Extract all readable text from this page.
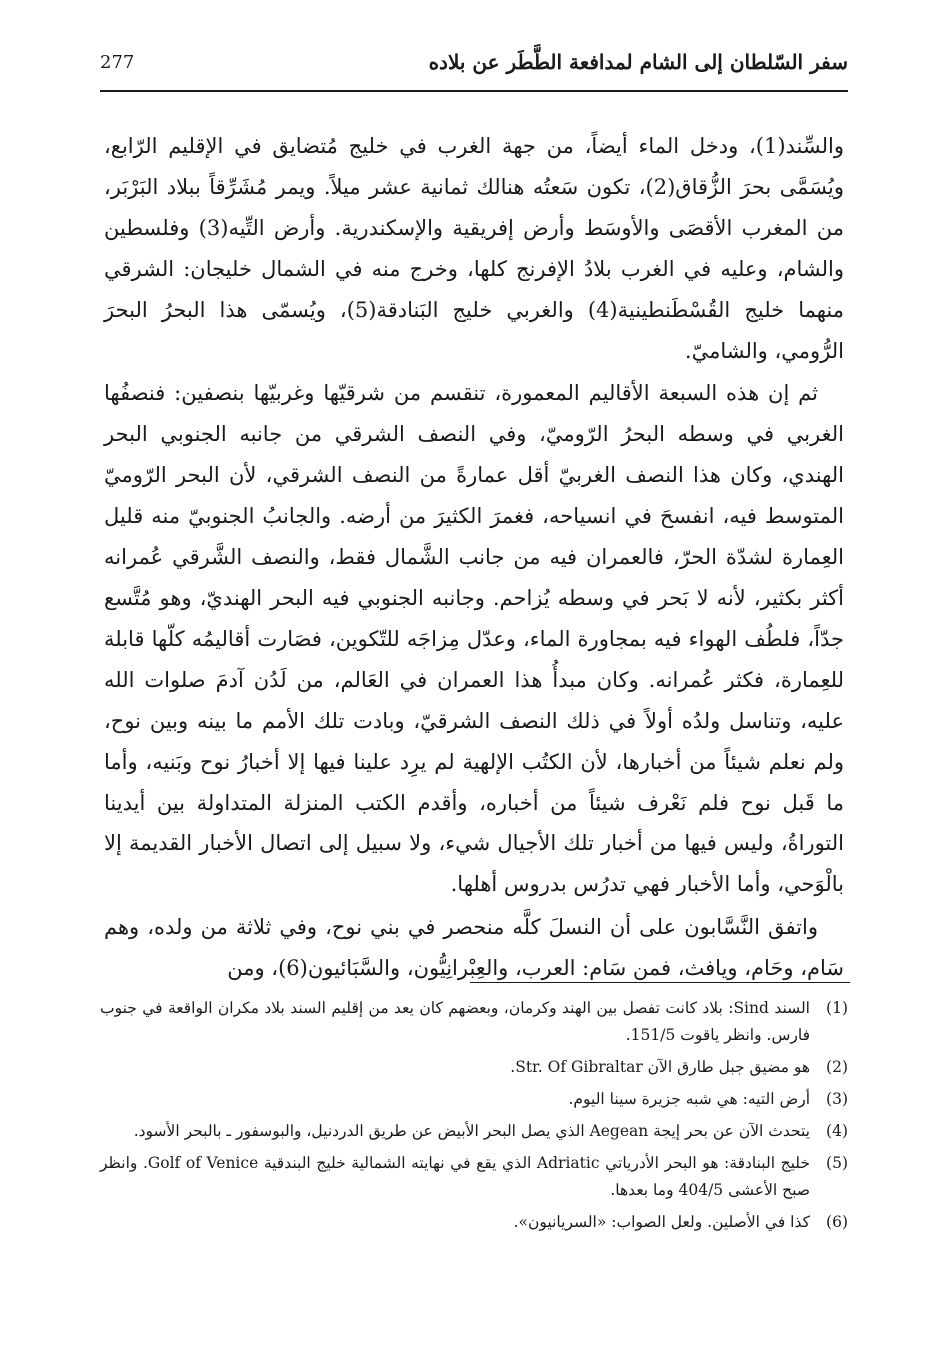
سفر السّلطان إلى الشام لمدافعة الطَّطَر عن بلاده
277

والسِّند(1)، ودخل الماء أيضاً، من جهة الغرب في خليج مُتضايق في الإقليم الرّابع، ويُسَمَّى بحرَ الزُّقاق(2)، تكون سَعتُه هنالك ثمانية عشر ميلاً. ويمر مُشَرِّقاً ببلاد البَرْبَر، من المغرب الأقصَى والأوسَط وأرض إفريقية والإسكندرية. وأرض التِّيه(3) وفلسطين والشام، وعليه في الغرب بلادُ الإفرنج كلها، وخرج منه في الشمال خليجان: الشرقي منهما خليج القُسْطَنطينية(4) والغربي خليج البَنادقة(5)، ويُسمّى هذا البحرُ البحرَ الرُّومي، والشاميّ.

ثم إن هذه السبعة الأقاليم المعمورة، تنقسم من شرقيّها وغربيّها بنصفين: فنصفُها الغربي في وسطه البحرُ الرّوميّ، وفي النصف الشرقي من جانبه الجنوبي البحر الهندي، وكان هذا النصف الغربيّ أقل عمارةً من النصف الشرقي، لأن البحر الرّوميّ المتوسط فيه، انفسحَ في انسياحه، فغمرَ الكثيرَ من أرضه. والجانبُ الجنوبيّ منه قليل العِمارة لشدّة الحرّ، فالعمران فيه من جانب الشَّمال فقط، والنصف الشَّرقي عُمرانه أكثر بكثير، لأنه لا بَحر في وسطه يُزاحم. وجانبه الجنوبي فيه البحر الهنديّ، وهو مُتَّسع جدّاً، فلطُف الهواء فيه بمجاورة الماء، وعدّل مِزاجَه للتّكوين، فصَارت أقاليمُه كلّها قابلة للعِمارة، فكثر عُمرانه. وكان مبدأُ هذا العمران في العَالم، من لَدُن آدمَ صلوات الله عليه، وتناسل ولدُه أولاً في ذلك النصف الشرقيّ، وبادت تلك الأمم ما بينه وبين نوح، ولم نعلم شيئاً من أخبارها، لأن الكتُب الإلهية لم يرِد علينا فيها إلا أخبارُ نوح وبَنيه، وأما ما قَبل نوح فلم نَعْرف شيئاً من أخباره، وأقدم الكتب المنزلة المتداولة بين أيدينا التوراةُ، وليس فيها من أخبار تلك الأجيال شيء، ولا سبيل إلى اتصال الأخبار القديمة إلا بالْوَحي، وأما الأخبار فهي تدرُس بدروس أهلها.

واتفق النَّسَّابون على أن النسلَ كلَّه منحصر في بني نوح، وفي ثلاثة من ولده، وهم سَام، وحَام، ويافث، فمن سَام: العرب، والعِبْرانِيُّون، والسَّبَائيون(6)، ومن

(1)
السند Sind: بلاد كانت تفصل بين الهند وكرمان، وبعضهم كان يعد من إقليم السند بلاد مكران الواقعة في جنوب فارس. وانظر ياقوت 151/5.
(2)
هو مضيق جبل طارق الآن Str. Of Gibraltar.
(3)
أرض التيه: هي شبه جزيرة سينا اليوم.
(4)
يتحدث الآن عن بحر إيجة Aegean الذي يصل البحر الأبيض عن طريق الدردنيل، والبوسفور ـ بالبحر الأسود.
(5)
خليج البنادقة: هو البحر الأدرياتي Adriatic الذي يقع في نهايته الشمالية خليج البندقية Golf of Venice. وانظر صبح الأعشى 404/5 وما بعدها.
(6)
كذا في الأصلين. ولعل الصواب: «السريانيون».
